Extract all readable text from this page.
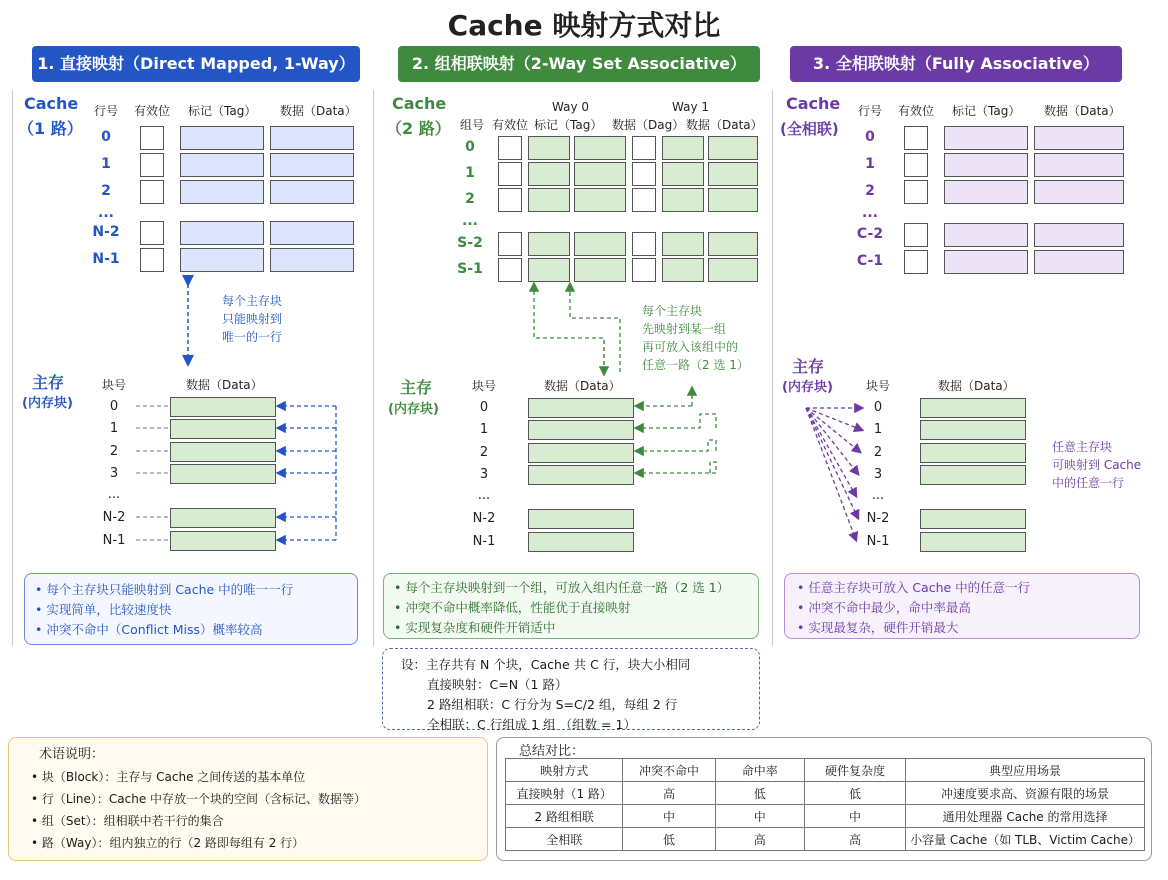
Cache 映射方式对比
1. 直接映射（Direct Mapped, 1-Way）	2. 组相联映射（2-Way Set Associative）	3. 全相联映射（Fully Associative）
Cache
（1 路）
行号 有效位 标记（Tag） 数据（Data）
0
1
2
...
N-2
N-1
每个主存块
只能映射到
唯一的一行
主存
(内存块)
块号	数据（Data）
0
1
2
3
...
N-2
N-1
• 每个主存块只能映射到 Cache 中的唯一一行
• 实现简单，比较速度快
• 冲突不命中（Conflict Miss）概率较高
Cache
（2 路）
Way 0	Way 1
组号 有效位 标记（Tag） 数据（Dag） 数据（Data）
0
1
2
...
S-2
S-1
每个主存块
先映射到某一组
再可放入该组中的
任意一路（2 选 1）
主存
(内存块)
块号	数据（Data）
0
1
2
3
...
N-2
N-1
• 每个主存块映射到一个组，可放入组内任意一路（2 选 1）
• 冲突不命中概率降低，性能优于直接映射
• 实现复杂度和硬件开销适中
Cache
(全相联)
行号 有效位 标记（Tag） 数据（Data）
0
1
2
...
C-2
C-1
主存
(内存块)	块号	数据（Data）
0
1
2
3
...
N-2
N-1
任意主存块
可映射到 Cache
中的任意一行
• 任意主存块可放入 Cache 中的任意一行
• 冲突不命中最少，命中率最高
• 实现最复杂，硬件开销最大
设：主存共有 N 个块，Cache 共 C 行，块大小相同
直接映射：C=N（1 路）
2 路组相联：C 行分为 S=C/2 组，每组 2 行
全相联：C 行组成 1 组 （组数 = 1）
术语说明：
• 块（Block）：主存与 Cache 之间传送的基本单位
• 行（Line）：Cache 中存放一个块的空间（含标记、数据等）
• 组（Set）：组相联中若干行的集合
• 路（Way）：组内独立的行（2 路即每组有 2 行）
总结对比：
映射方式	冲突不命中	命中率	硬件复杂度	典型应用场景
直接映射（1 路）	高	低	低	冲速度要求高、资源有限的场景
2 路组相联	中	中	中	通用处理器 Cache 的常用选择
全相联	低	高	高	小容量 Cache（如 TLB、Victim Cache）
